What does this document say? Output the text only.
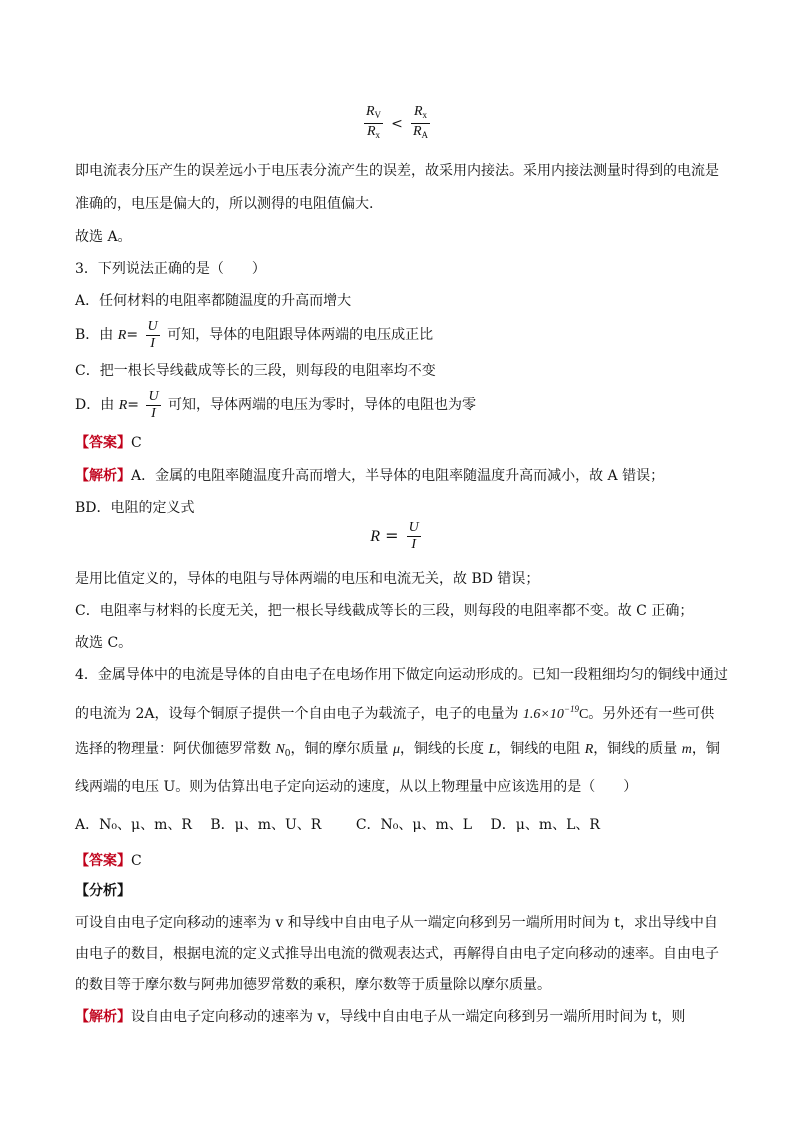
$\frac{R_V}{R_x} < \frac{R_x}{R_A}$
即电流表分压产生的误差远小于电压表分流产生的误差，故采用内接法。采用内接法测量时得到的电流是
准确的，电压是偏大的，所以测得的电阻值偏大.
故选 A。
3．下列说法正确的是（　　）
A．任何材料的电阻率都随温度的升高而增大
B．由 $R= \frac{U}{I}$ 可知，导体的电阻跟导体两端的电压成正比
C．把一根长导线截成等长的三段，则每段的电阻率均不变
D．由 $R= \frac{U}{I}$ 可知，导体两端的电压为零时，导体的电阻也为零
【答案】C
【解析】A．金属的电阻率随温度升高而增大，半导体的电阻率随温度升高而减小，故 A 错误；
BD．电阻的定义式
$R = \frac{U}{I}$
是用比值定义的，导体的电阻与导体两端的电压和电流无关，故 BD 错误；
C．电阻率与材料的长度无关，把一根长导线截成等长的三段，则每段的电阻率都不变。故 C 正确；
故选 C。
4．金属导体中的电流是导体的自由电子在电场作用下做定向运动形成的。已知一段粗细均匀的铜线中通过
的电流为 2A，设每个铜原子提供一个自由电子为载流子，电子的电量为 $1.6\times 10^{-19}C$。另外还有一些可供
选择的物理量：阿伏伽德罗常数 $N_0$，铜的摩尔质量 μ，铜线的长度 L，铜线的电阻 R，铜线的质量 m，铜
线两端的电压 U。则为估算出电子定向运动的速度，从以上物理量中应该选用的是（　　）
A．N₀、μ、m、R B．μ、m、U、R C．N₀、μ、m、L D．μ、m、L、R
【答案】C
【分析】
可设自由电子定向移动的速率为 v 和导线中自由电子从一端定向移到另一端所用时间为 t，求出导线中自
由电子的数目，根据电流的定义式推导出电流的微观表达式，再解得自由电子定向移动的速率。自由电子
的数目等于摩尔数与阿弗加德罗常数的乘积，摩尔数等于质量除以摩尔质量。
【解析】设自由电子定向移动的速率为 v，导线中自由电子从一端定向移到另一端所用时间为 t，则
